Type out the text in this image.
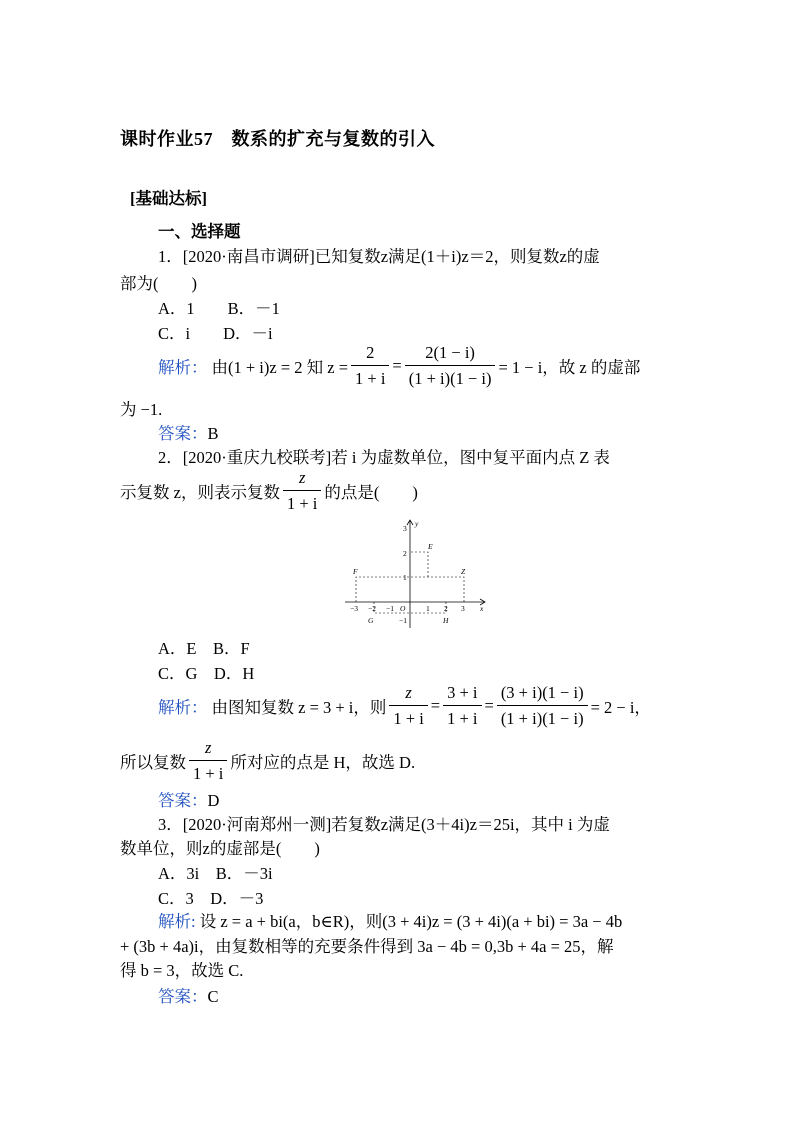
课时作业57　数系的扩充与复数的引入
[基础达标]
一、选择题
1．[2020·南昌市调研]已知复数z满足(1＋i)z＝2，则复数z的虚
部为(　　)
A．1　　B．－1
C．i　　D．－i
解析： 由(1 + i)z = 2 知 $z = \frac{2}{1 + i} = \frac{2(1 - i)}{(1 + i)(1 - i)} = 1 - i$，故 z 的虚部
为 −1.
答案：B
2．[2020·重庆九校联考]若 i 为虚数单位，图中复平面内点 Z 表
示复数 z，则表示复数 $\frac{z}{1 + i}$ 的点是(　　)
−3 −2 −1 O	1 2 3 x
y
3
2
1
−1
E
F	Z
G	H
A．E　B．F
C．G　D．H
解析： 由图知复数 z = 3 + i，则 $\frac{z}{1 + i} = \frac{3 + i}{1 + i} = \frac{(3 + i)(1 - i)}{(1 + i)(1 - i)} = 2 - i$，
所以复数 $\frac{z}{1 + i}$ 所对应的点是 H，故选 D.
答案：D
3．[2020·河南郑州一测]若复数z满足(3＋4i)z＝25i，其中 i 为虚
数单位，则z的虚部是(　　)
A．3i　B．－3i
C．3　D．－3
解析: 设 z = a + bi(a，b∈R)，则(3 + 4i)z = (3 + 4i)(a + bi) = 3a − 4b
+ (3b + 4a)i，由复数相等的充要条件得到 3a − 4b = 0,3b + 4a = 25，解
得 b = 3，故选 C.
答案：C
